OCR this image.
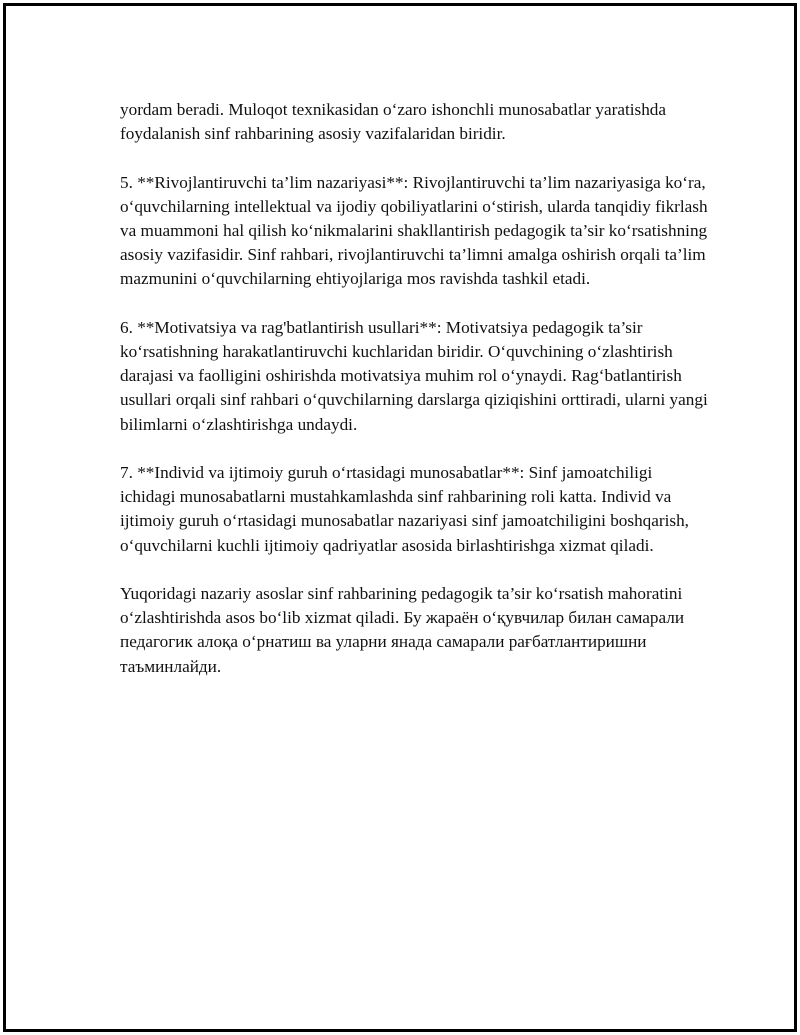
yordam beradi. Muloqot texnikasidan o‘zaro ishonchli munosabatlar yaratishda foydalanish sinf rahbarining asosiy vazifalaridan biridir.

5. **Rivojlantiruvchi ta’lim nazariyasi**: Rivojlantiruvchi ta’lim nazariyasiga ko‘ra, o‘quvchilarning intellektual va ijodiy qobiliyatlarini o‘stirish, ularda tanqidiy fikrlash va muammoni hal qilish ko‘nikmalarini shakllantirish pedagogik ta’sir ko‘rsatishning asosiy vazifasidir. Sinf rahbari, rivojlantiruvchi ta’limni amalga oshirish orqali ta’lim mazmunini o‘quvchilarning ehtiyojlariga mos ravishda tashkil etadi.

6. **Motivatsiya va rag'batlantirish usullari**: Motivatsiya pedagogik ta’sir ko‘rsatishning harakatlantiruvchi kuchlaridan biridir. O‘quvchining o‘zlashtirish darajasi va faolligini oshirishda motivatsiya muhim rol o‘ynaydi. Rag‘batlantirish usullari orqali sinf rahbari o‘quvchilarning darslarga qiziqishini orttiradi, ularni yangi bilimlarni o‘zlashtirishga undaydi.

7. **Individ va ijtimoiy guruh o‘rtasidagi munosabatlar**: Sinf jamoatchiligi ichidagi munosabatlarni mustahkamlashda sinf rahbarining roli katta. Individ va ijtimoiy guruh o‘rtasidagi munosabatlar nazariyasi sinf jamoatchiligini boshqarish, o‘quvchilarni kuchli ijtimoiy qadriyatlar asosida birlashtirishga xizmat qiladi.

Yuqoridagi nazariy asoslar sinf rahbarining pedagogik ta’sir ko‘rsatish mahoratini o‘zlashtirishda asos bo‘lib xizmat qiladi. Бу жараён о‘қувчилар билан самарали педагогик алоқа о‘рнатиш ва уларни янада самарали рағбатлантиришни таъминлайди.
